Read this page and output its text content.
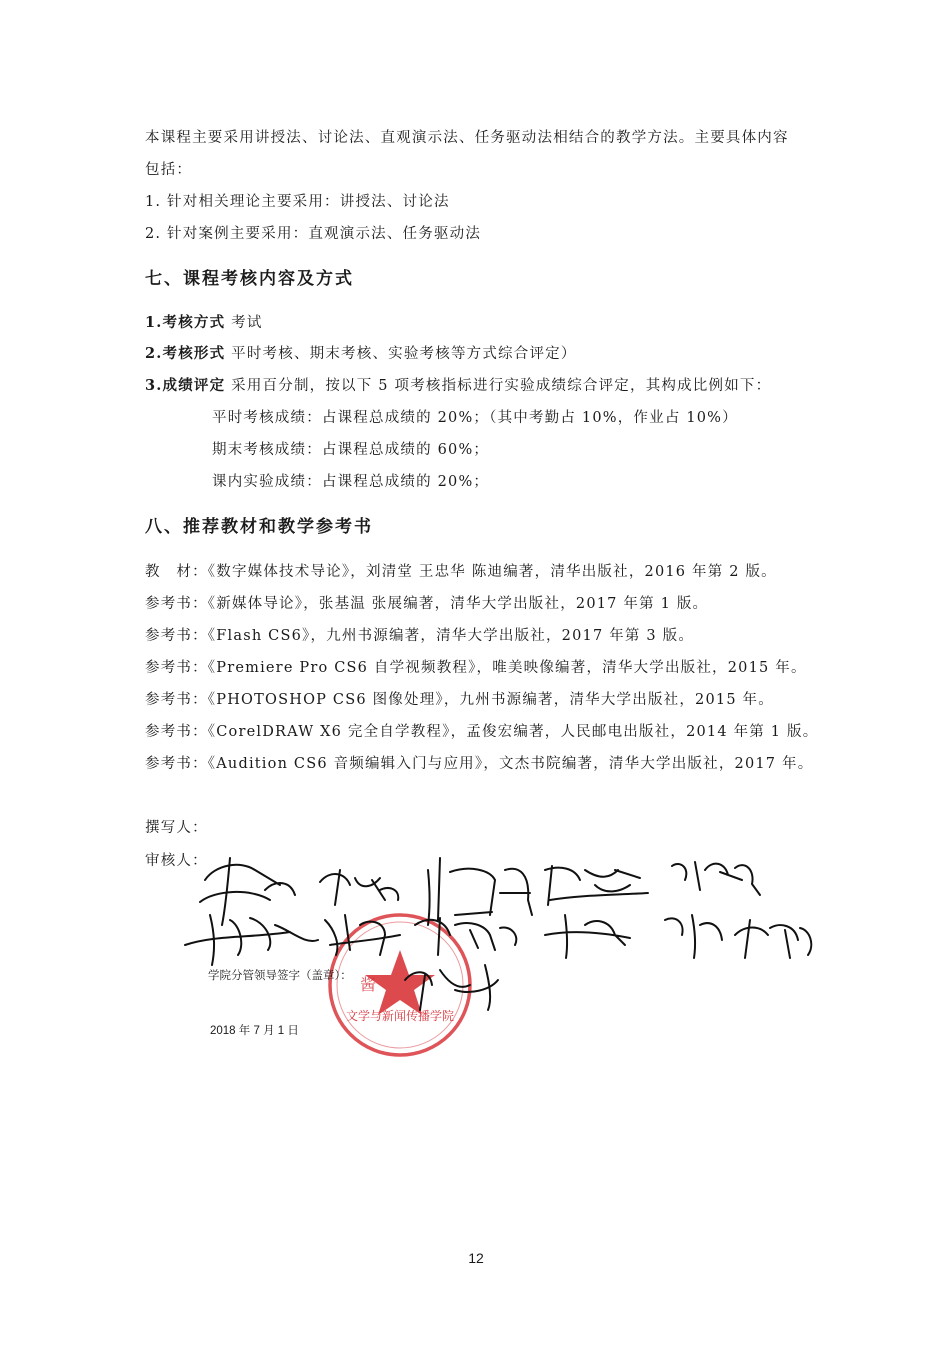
本课程主要采用讲授法、讨论法、直观演示法、任务驱动法相结合的教学方法。主要具体内容
包括：
1. 针对相关理论主要采用：讲授法、讨论法
2. 针对案例主要采用：直观演示法、任务驱动法
七、课程考核内容及方式
1.考核方式 考试
2.考核形式 平时考核、期末考核、实验考核等方式综合评定）
3.成绩评定 采用百分制，按以下 5 项考核指标进行实验成绩综合评定，其构成比例如下：
平时考核成绩：占课程总成绩的 20%；（其中考勤占 10%，作业占 10%）
期末考核成绩：占课程总成绩的 60%；
课内实验成绩：占课程总成绩的 20%；
八、推荐教材和教学参考书
教　材：《数字媒体技术导论》，刘清堂 王忠华 陈迪编著，清华出版社，2016 年第 2 版。
参考书：《新媒体导论》，张基温 张展编著，清华大学出版社，2017 年第 1 版。
参考书：《Flash CS6》，九州书源编著，清华大学出版社，2017 年第 3 版。
参考书：《Premiere Pro CS6 自学视频教程》，唯美映像编著，清华大学出版社，2015 年。
参考书：《PHOTOSHOP CS6 图像处理》，九州书源编著，清华大学出版社，2015 年。
参考书：《CorelDRAW X6 完全自学教程》，孟俊宏编著，人民邮电出版社，2014 年第 1 版。
参考书：《Audition CS6 音频编辑入门与应用》，文杰书院编著，清华大学出版社，2017 年。
撰写人：
审核人：
文学与新闻传播学院
酱
学院分管领导签字（盖章）：
2018 年 7 月 1 日
12
